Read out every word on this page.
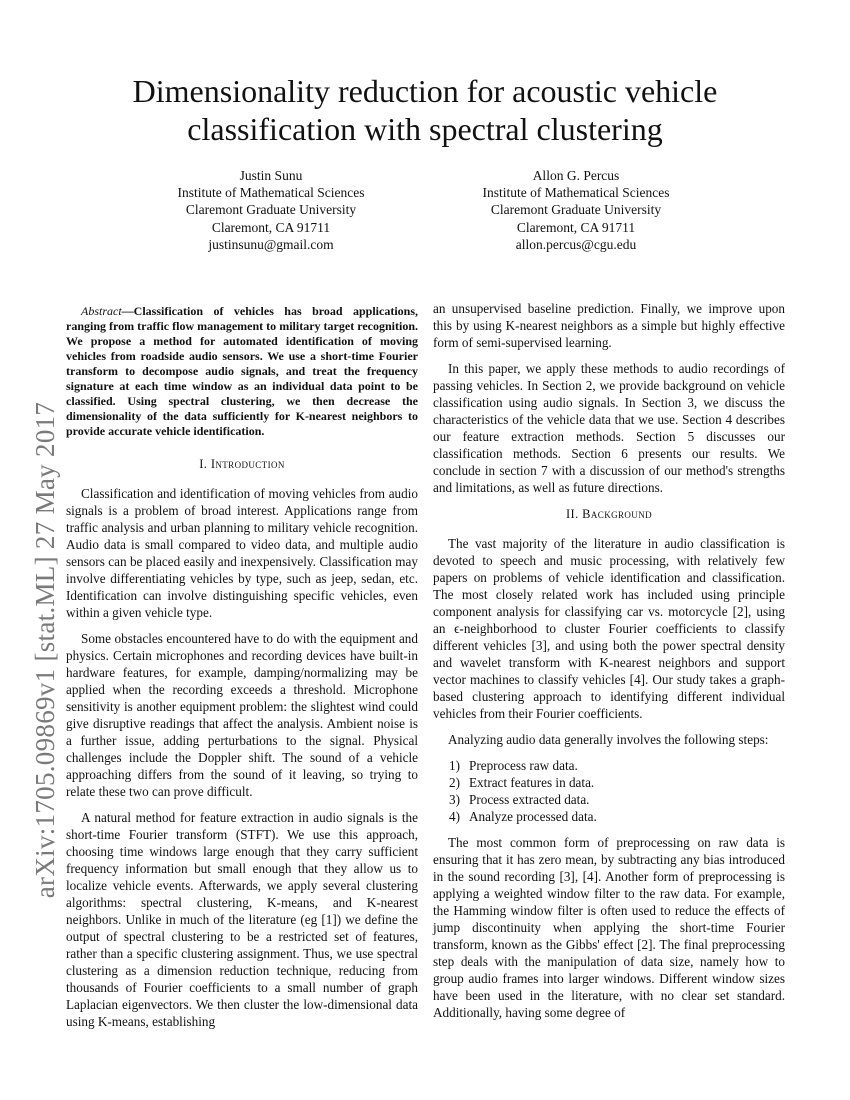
Dimensionality reduction for acoustic vehicle classification with spectral clustering
Justin Sunu
Institute of Mathematical Sciences
Claremont Graduate University
Claremont, CA 91711
justinsunu@gmail.com
Allon G. Percus
Institute of Mathematical Sciences
Claremont Graduate University
Claremont, CA 91711
allon.percus@cgu.edu
arXiv:1705.09869v1 [stat.ML] 27 May 2017
Abstract—Classification of vehicles has broad applications, ranging from traffic flow management to military target recognition. We propose a method for automated identification of moving vehicles from roadside audio sensors. We use a short-time Fourier transform to decompose audio signals, and treat the frequency signature at each time window as an individual data point to be classified. Using spectral clustering, we then decrease the dimensionality of the data sufficiently for K-nearest neighbors to provide accurate vehicle identification.
I. Introduction

Classification and identification of moving vehicles from audio signals is a problem of broad interest. Applications range from traffic analysis and urban planning to military vehicle recognition. Audio data is small compared to video data, and multiple audio sensors can be placed easily and inexpensively. Classification may involve differentiating vehicles by type, such as jeep, sedan, etc. Identification can involve distinguishing specific vehicles, even within a given vehicle type.

Some obstacles encountered have to do with the equipment and physics. Certain microphones and recording devices have built-in hardware features, for example, damping/normalizing may be applied when the recording exceeds a threshold. Microphone sensitivity is another equipment problem: the slightest wind could give disruptive readings that affect the analysis. Ambient noise is a further issue, adding perturbations to the signal. Physical challenges include the Doppler shift. The sound of a vehicle approaching differs from the sound of it leaving, so trying to relate these two can prove difficult.

A natural method for feature extraction in audio signals is the short-time Fourier transform (STFT). We use this approach, choosing time windows large enough that they carry sufficient frequency information but small enough that they allow us to localize vehicle events. Afterwards, we apply several clustering algorithms: spectral clustering, K-means, and K-nearest neighbors. Unlike in much of the literature (eg [1]) we define the output of spectral clustering to be a restricted set of features, rather than a specific clustering assignment. Thus, we use spectral clustering as a dimension reduction technique, reducing from thousands of Fourier coefficients to a small number of graph Laplacian eigenvectors. We then cluster the low-dimensional data using K-means, establishing

an unsupervised baseline prediction. Finally, we improve upon this by using K-nearest neighbors as a simple but highly effective form of semi-supervised learning.

In this paper, we apply these methods to audio recordings of passing vehicles. In Section 2, we provide background on vehicle classification using audio signals. In Section 3, we discuss the characteristics of the vehicle data that we use. Section 4 describes our feature extraction methods. Section 5 discusses our classification methods. Section 6 presents our results. We conclude in section 7 with a discussion of our method's strengths and limitations, as well as future directions.

II. Background

The vast majority of the literature in audio classification is devoted to speech and music processing, with relatively few papers on problems of vehicle identification and classification. The most closely related work has included using principle component analysis for classifying car vs. motorcycle [2], using an ϵ-neighborhood to cluster Fourier coefficients to classify different vehicles [3], and using both the power spectral density and wavelet transform with K-nearest neighbors and support vector machines to classify vehicles [4]. Our study takes a graph-based clustering approach to identifying different individual vehicles from their Fourier coefficients.

Analyzing audio data generally involves the following steps:

1) Preprocess raw data.
2) Extract features in data.
3) Process extracted data.
4) Analyze processed data.

The most common form of preprocessing on raw data is ensuring that it has zero mean, by subtracting any bias introduced in the sound recording [3], [4]. Another form of preprocessing is applying a weighted window filter to the raw data. For example, the Hamming window filter is often used to reduce the effects of jump discontinuity when applying the short-time Fourier transform, known as the Gibbs' effect [2]. The final preprocessing step deals with the manipulation of data size, namely how to group audio frames into larger windows. Different window sizes have been used in the literature, with no clear set standard. Additionally, having some degree of
